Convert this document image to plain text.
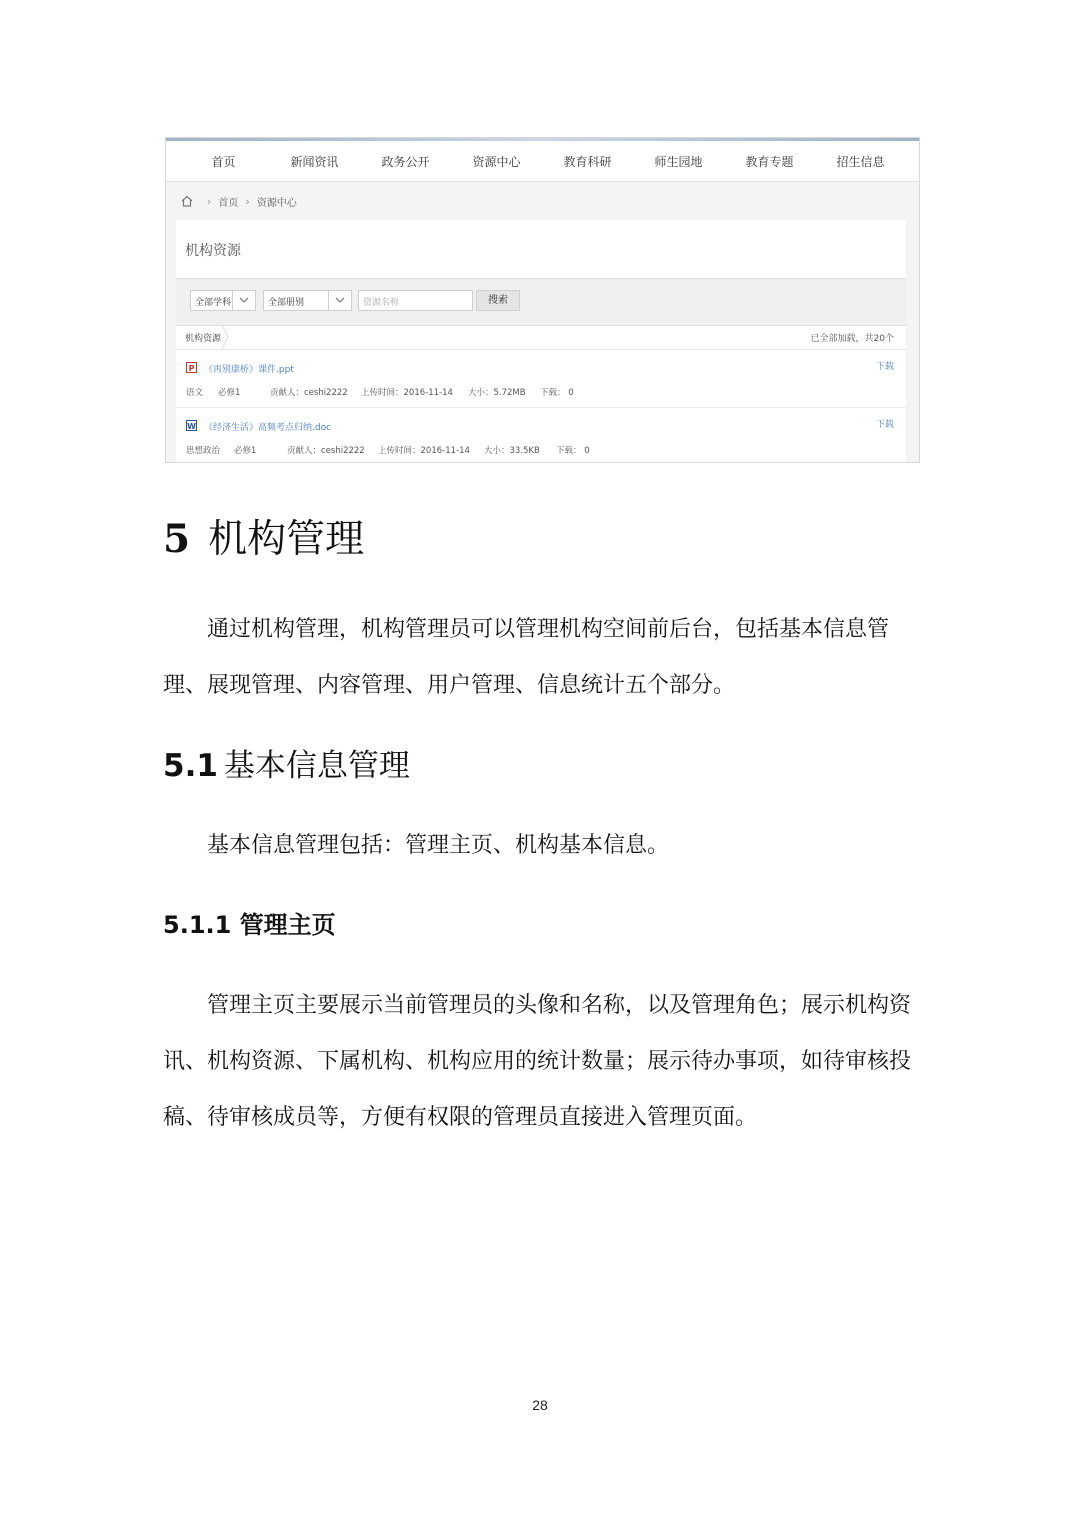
首页	新闻资讯	政务公开	资源中心	教育科研	师生园地	教育专题	招生信息
› 首页 › 资源中心
机构资源
全部学科	全部册别	资源名称	搜索
机构资源	已全部加载，共20个
P 《再别康桥》课件.ppt	下载
语文 必修1	贡献人：ceshi2222 上传时间：2016-11-14 大小：5.72MB 下载： 0
W 《经济生活》高频考点归纳.doc	下载
思想政治 必修1	贡献人：ceshi2222 上传时间：2016-11-14 大小：33.5KB 下载： 0
5 机构管理

通过机构管理，机构管理员可以管理机构空间前后台，包括基本信息管理、展现管理、内容管理、用户管理、信息统计五个部分。

5.1 基本信息管理

基本信息管理包括：管理主页、机构基本信息。

5.1.1 管理主页

管理主页主要展示当前管理员的头像和名称，以及管理角色；展示机构资讯、机构资源、下属机构、机构应用的统计数量；展示待办事项，如待审核投稿、待审核成员等，方便有权限的管理员直接进入管理页面。

28
